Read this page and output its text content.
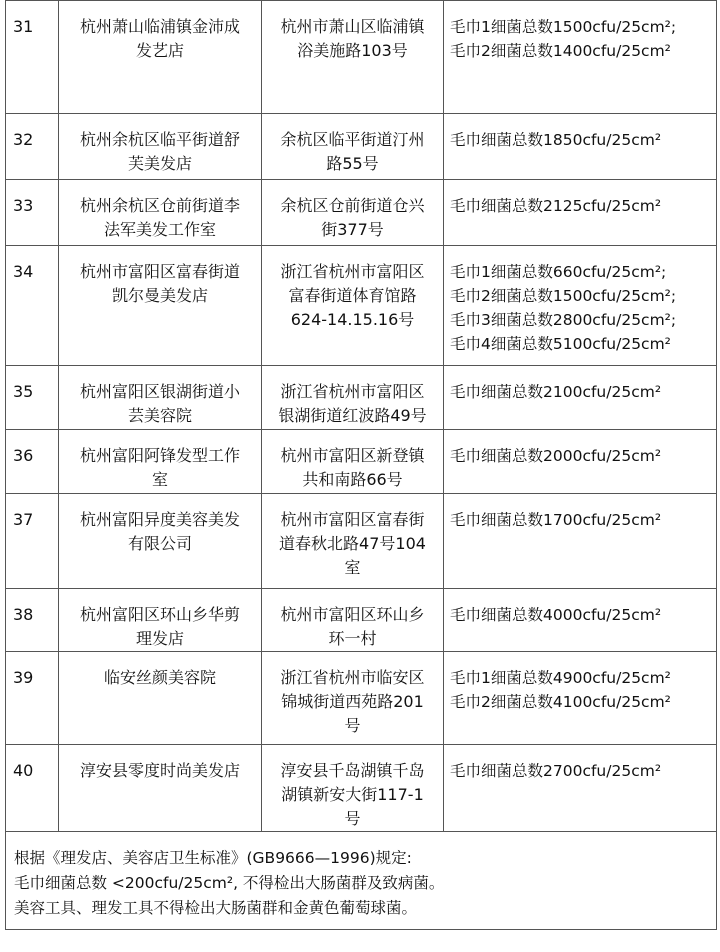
31	杭州萧山临浦镇金沛成
发艺店	杭州市萧山区临浦镇
浴美施路103号	毛巾1细菌总数1500cfu/25cm²;
毛巾2细菌总数1400cfu/25cm²

32	杭州余杭区临平街道舒
芙美发店	余杭区临平街道汀州
路55号	毛巾细菌总数1850cfu/25cm²

33	杭州余杭区仓前街道李
法军美发工作室	余杭区仓前街道仓兴
街377号	毛巾细菌总数2125cfu/25cm²

34	杭州市富阳区富春街道
凯尔曼美发店	浙江省杭州市富阳区
富春街道体育馆路
624-14.15.16号	毛巾1细菌总数660cfu/25cm²;
毛巾2细菌总数1500cfu/25cm²;
毛巾3细菌总数2800cfu/25cm²;
毛巾4细菌总数5100cfu/25cm²

35	杭州富阳区银湖街道小
芸美容院	浙江省杭州市富阳区
银湖街道红波路49号	毛巾细菌总数2100cfu/25cm²

36	杭州富阳阿锋发型工作
室	杭州市富阳区新登镇
共和南路66号	毛巾细菌总数2000cfu/25cm²

37	杭州富阳异度美容美发
有限公司	杭州市富阳区富春街
道春秋北路47号104
室	毛巾细菌总数1700cfu/25cm²

38	杭州富阳区环山乡华剪
理发店	杭州市富阳区环山乡
环一村	毛巾细菌总数4000cfu/25cm²

39	临安丝颜美容院	浙江省杭州市临安区
锦城街道西苑路201
号	毛巾1细菌总数4900cfu/25cm²
毛巾2细菌总数4100cfu/25cm²

40	淳安县零度时尚美发店	淳安县千岛湖镇千岛
湖镇新安大街117-1
号	毛巾细菌总数2700cfu/25cm²

根据《理发店、美容店卫生标准》(GB9666—1996)规定:
毛巾细菌总数 <200cfu/25cm², 不得检出大肠菌群及致病菌。
美容工具、理发工具不得检出大肠菌群和金黄色葡萄球菌。			
